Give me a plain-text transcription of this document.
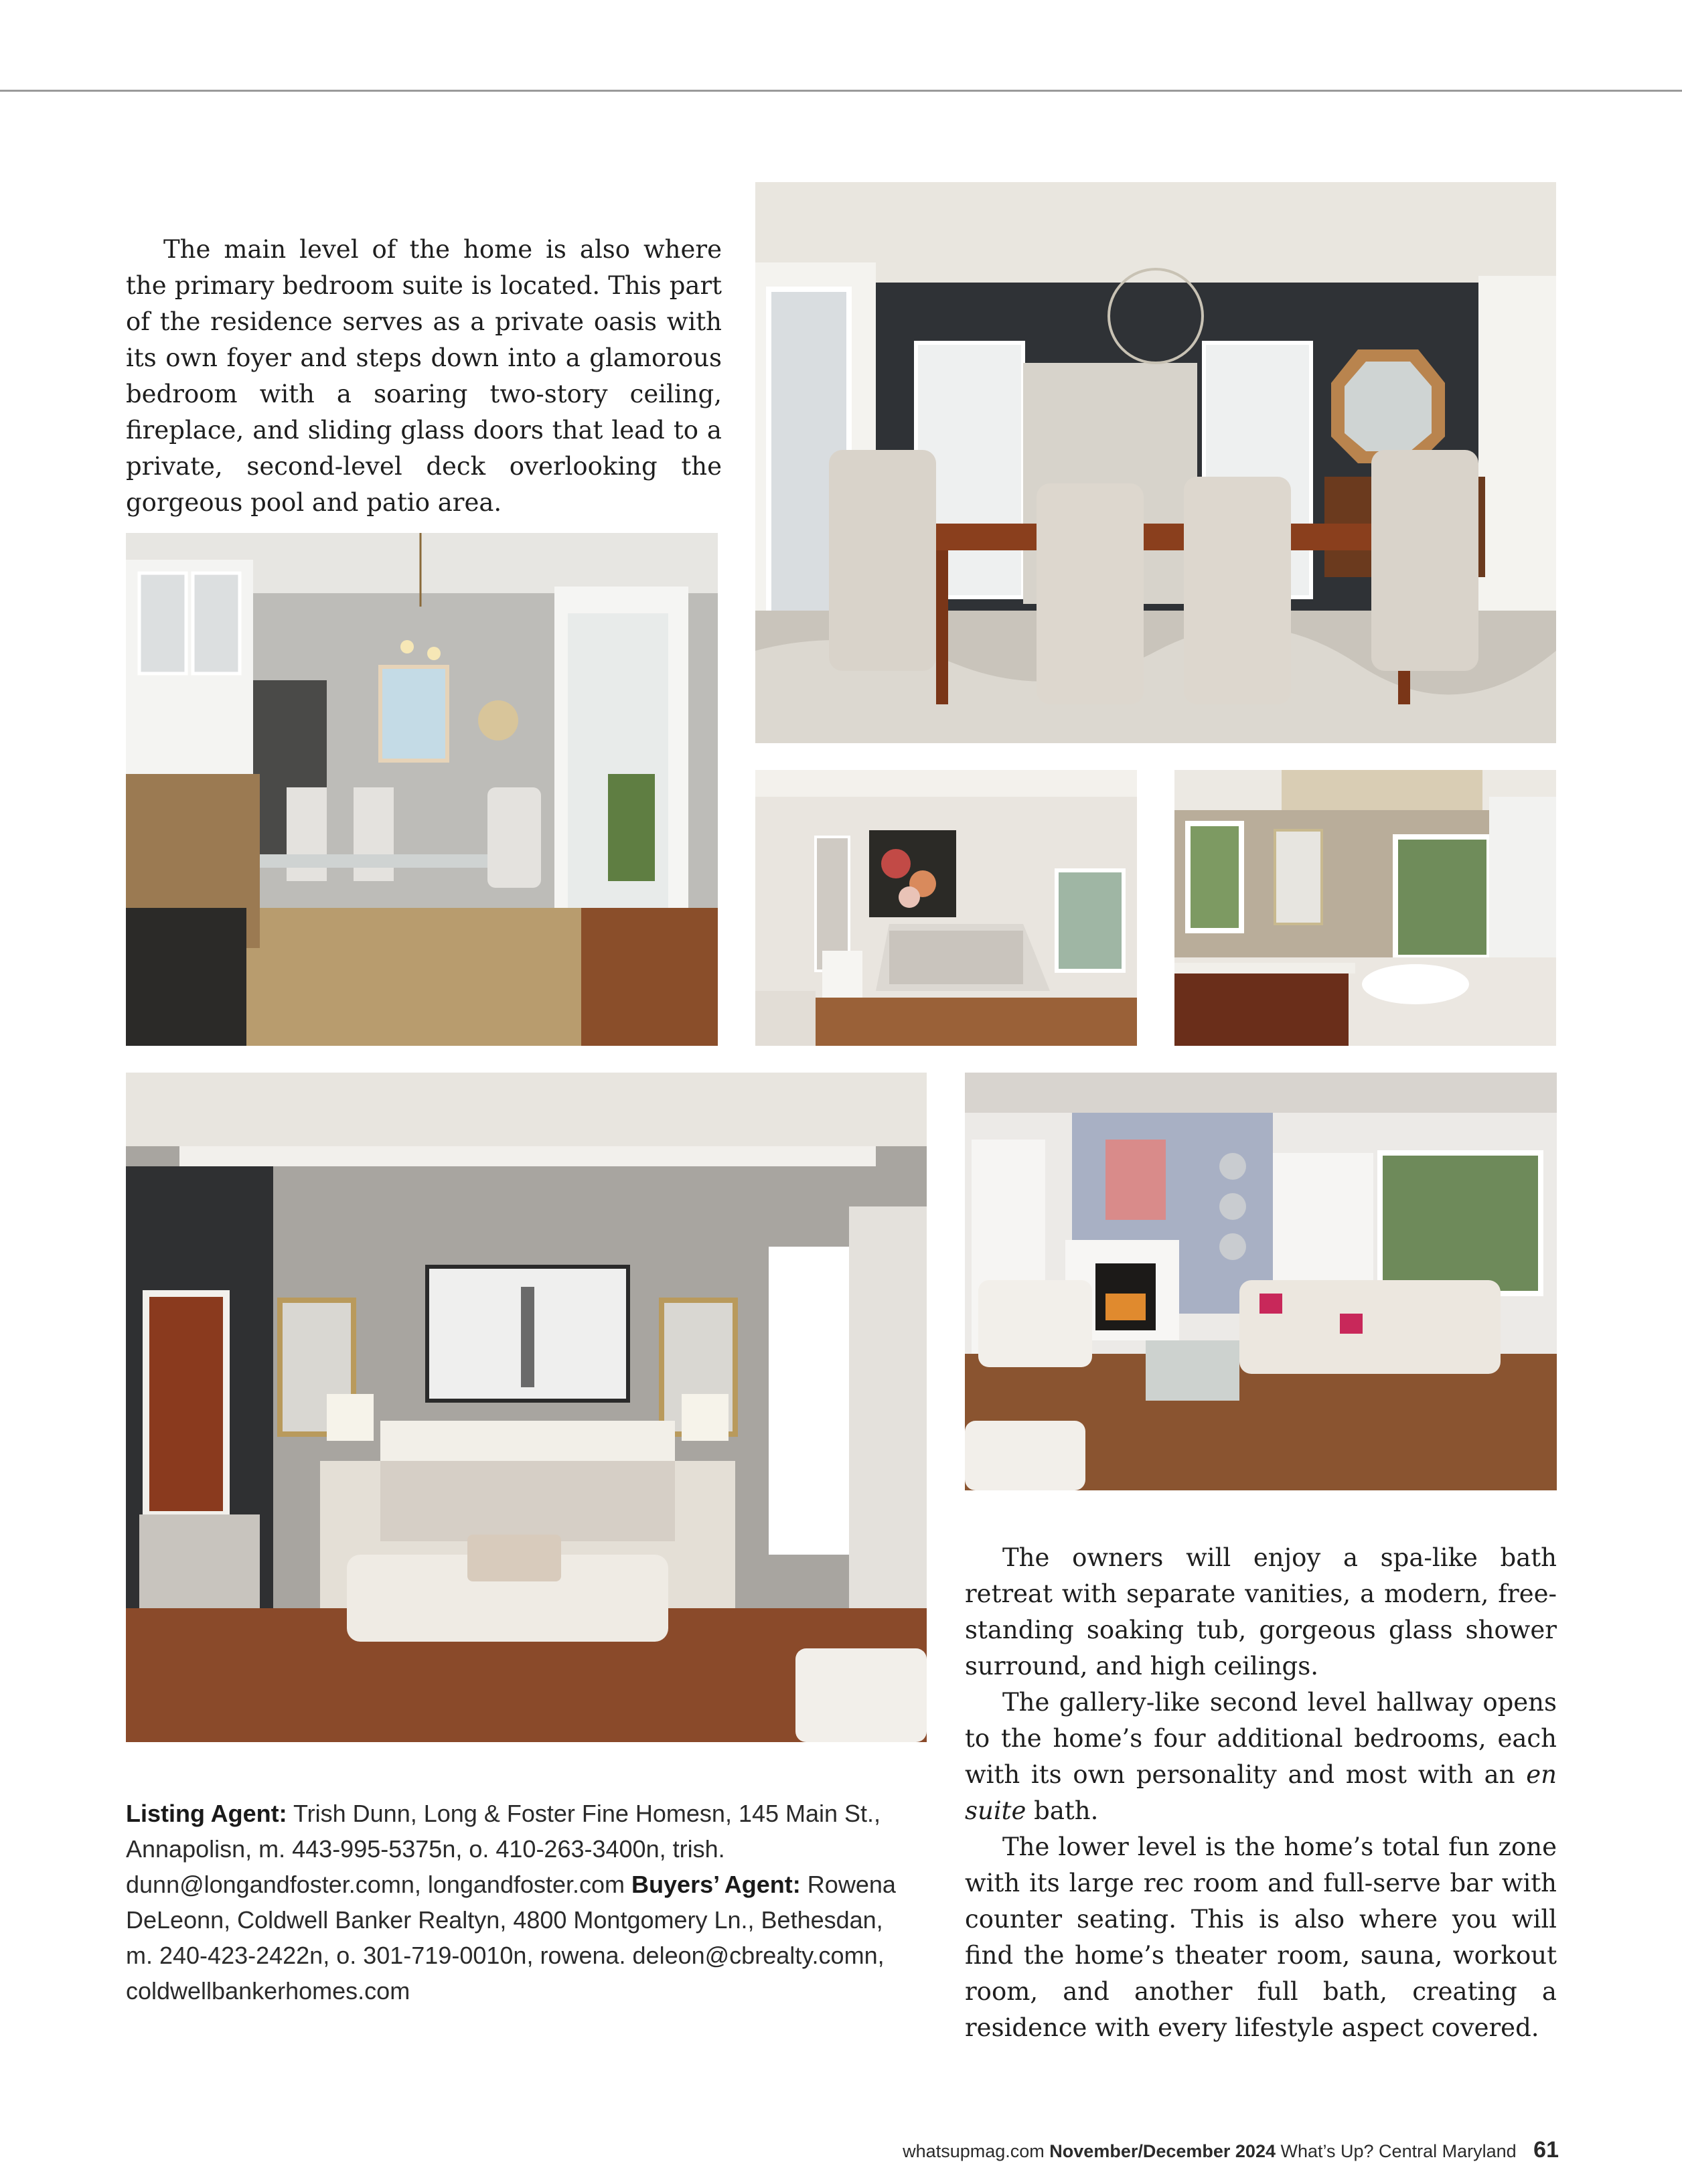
The main level of the home is also where the primary bedroom suite is located. This part of the residence serves as a private oasis with its own foyer and steps down into a glamorous bedroom with a soaring two-story ceiling, fireplace, and sliding glass doors that lead to a private, second-level deck overlooking the gorgeous pool and patio area.

The owners will enjoy a spa-like bath retreat with separate vanities, a modern, free-standing soaking tub, gorgeous glass shower surround, and high ceilings.

The gallery-like second level hallway opens to the home’s four additional bedrooms, each with its own personality and most with an en suite bath.

The lower level is the home’s total fun zone with its large rec room and full-serve bar with counter seating. This is also where you will find the home’s theater room, sauna, workout room, and another full bath, creating a residence with every lifestyle aspect covered.

Listing Agent: Trish Dunn, Long & Foster Fine Homesn, 145 Main St., Annapolisn, m. 443-995-5375n, o. 410-263-3400n, trish. dunn@longandfoster.comn, longandfoster.com Buyers’ Agent: Rowena DeLeonn, Coldwell Banker Realtyn, 4800 Montgomery Ln., Bethesdan, m. 240-423-2422n, o. 301-719-0010n, rowena. deleon@cbrealty.comn, coldwellbankerhomes.com
whatsupmag.com November/December 2024 What’s Up? Central Maryland 61
